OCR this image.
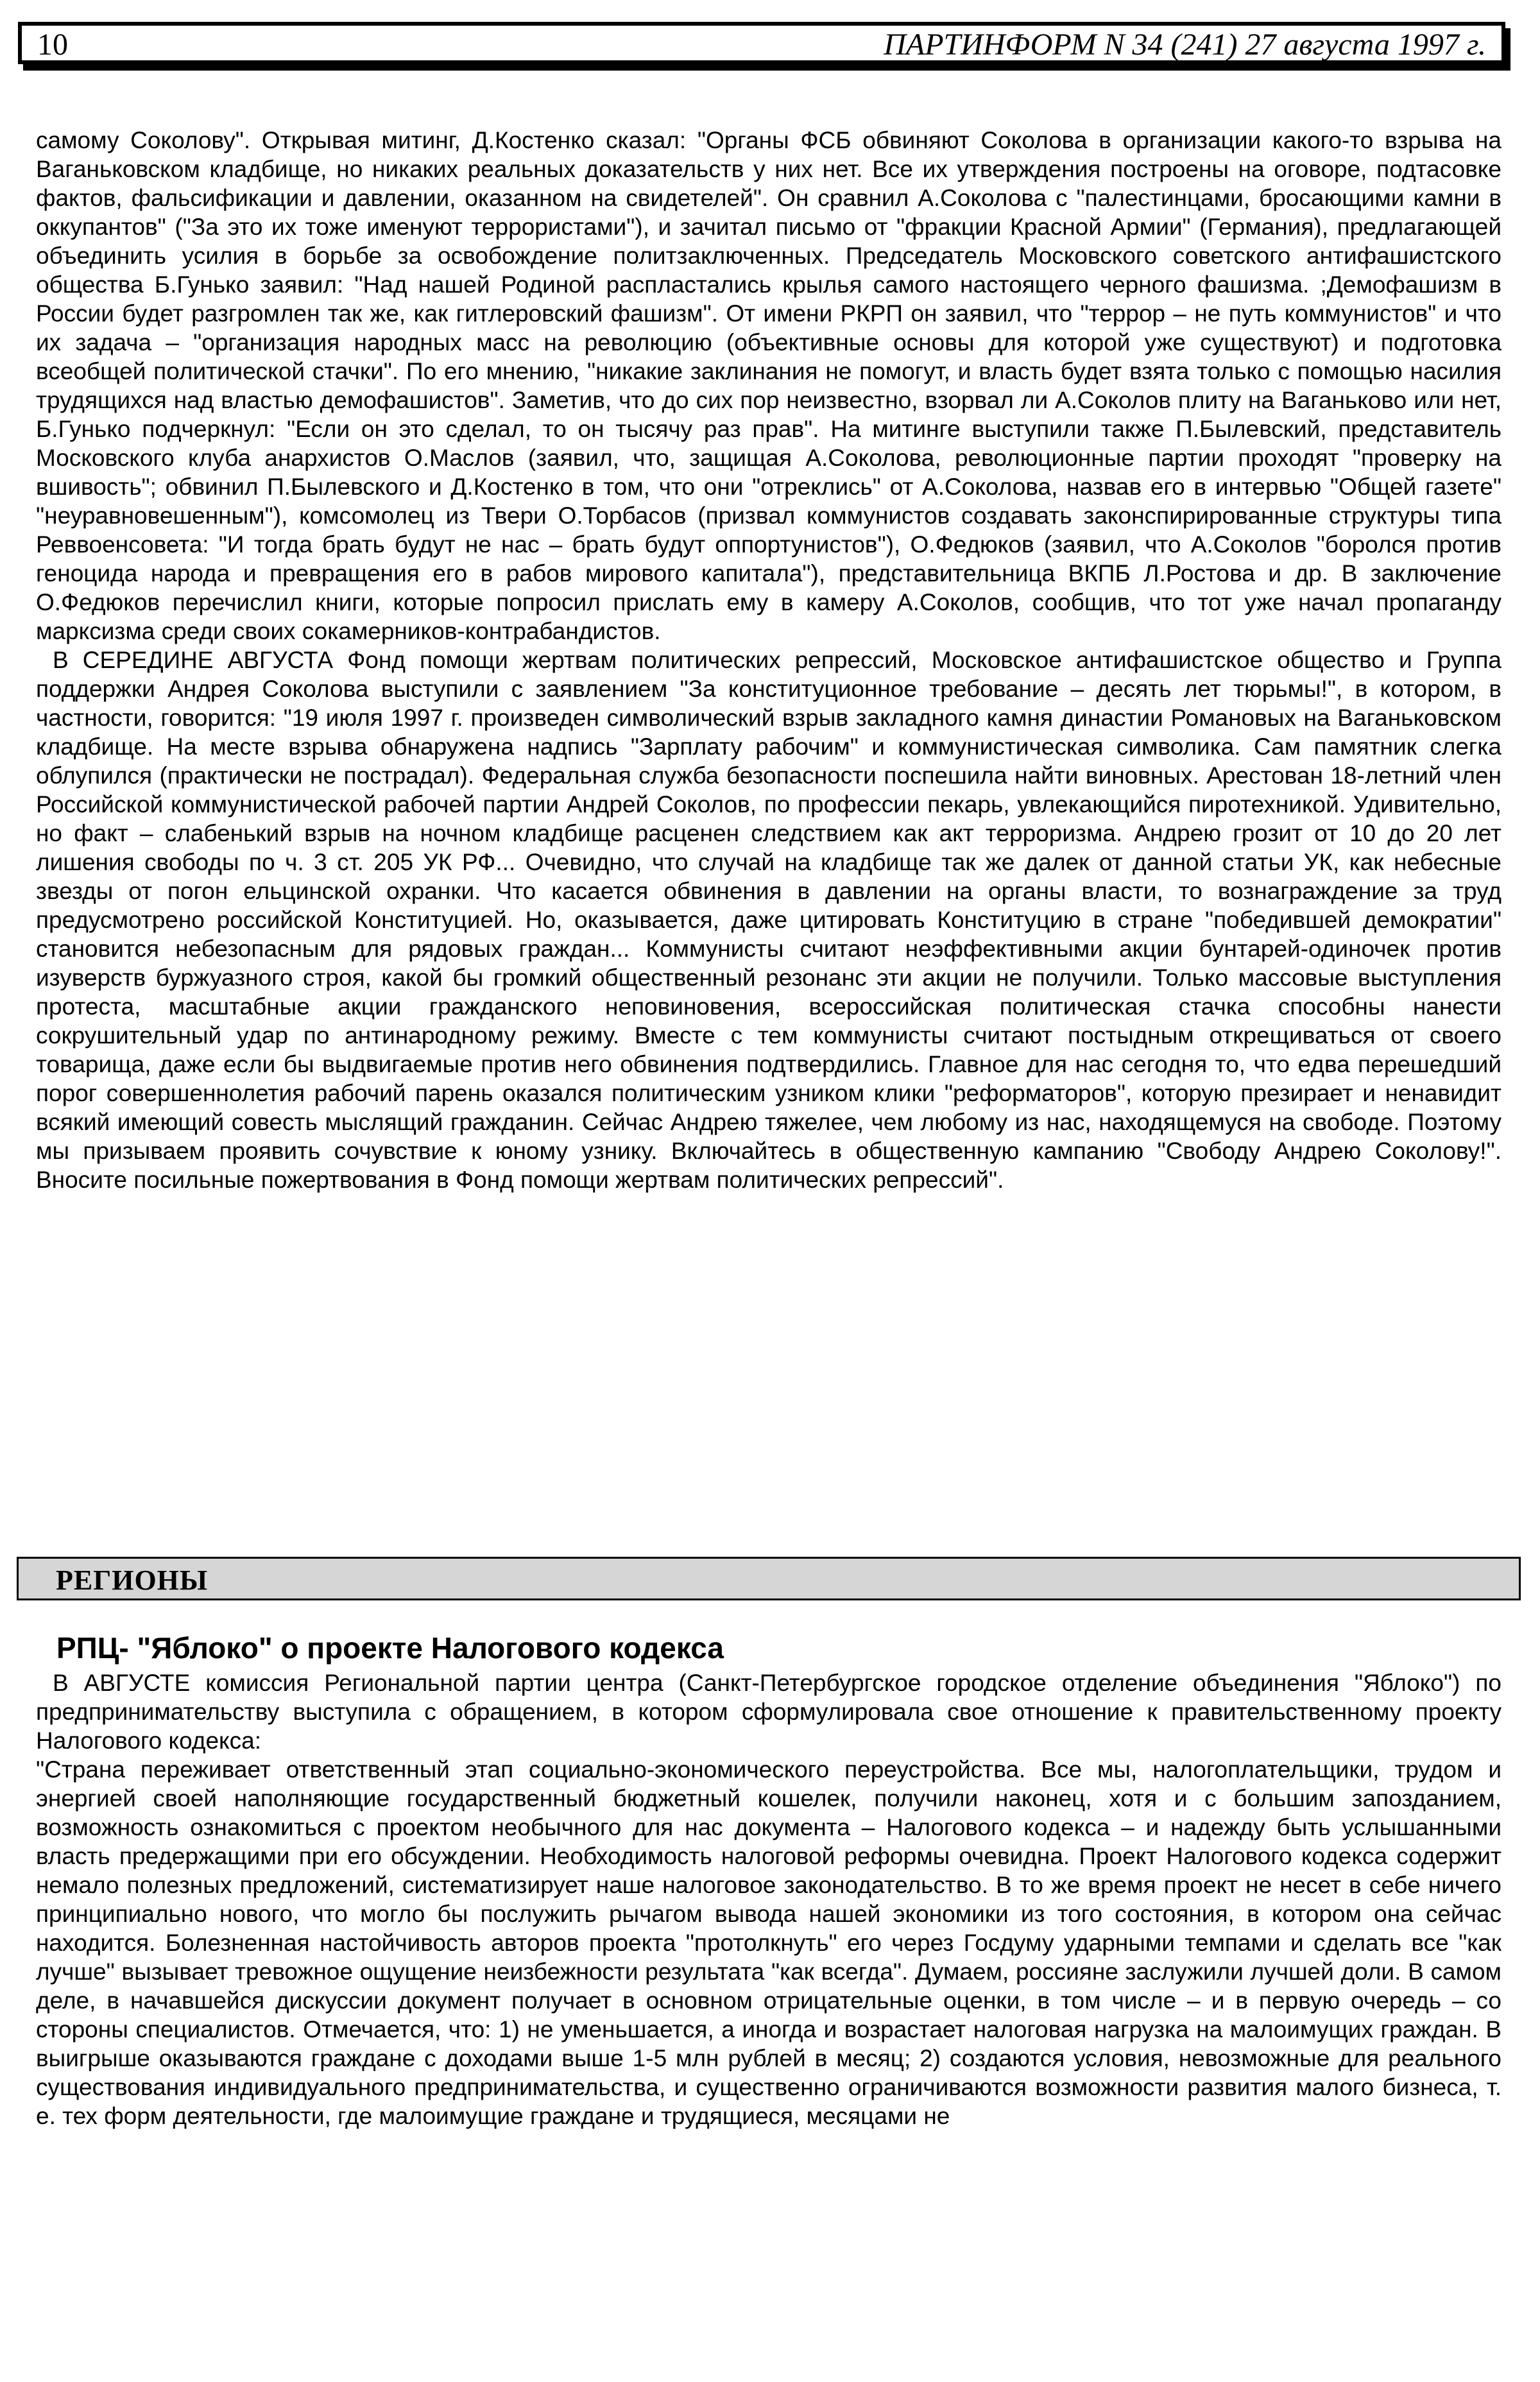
10	ПАРТИНФОРМ N 34 (241) 27 августа 1997 г.

самому Соколову". Открывая митинг, Д.Костенко сказал: "Органы ФСБ обвиняют Соколова в организации какого-то взрыва на Ваганьковском кладбище, но никаких реальных доказательств у них нет. Все их утверждения построены на оговоре, подтасовке фактов, фальсификации и давлении, оказанном на свидетелей". Он сравнил А.Соколова с "палестинцами, бросающими камни в оккупантов" ("За это их тоже именуют террористами"), и зачитал письмо от "фракции Красной Армии" (Германия), предлагающей объединить усилия в борьбе за освобождение политзаключенных. Председатель Московского советского антифашистского общества Б.Гунько заявил: "Над нашей Родиной распластались крылья самого настоящего черного фашизма. ;Демофашизм в России будет разгромлен так же, как гитлеровский фашизм". От имени РКРП он заявил, что "террор – не путь коммунистов" и что их задача – "организация народных масс на революцию (объективные основы для которой уже существуют) и подготовка всеобщей политической стачки". По его мнению, "никакие заклинания не помогут, и власть будет взята только с помощью насилия трудящихся над властью демофашистов". Заметив, что до сих пор неизвестно, взорвал ли А.Соколов плиту на Ваганьково или нет, Б.Гунько подчеркнул: "Если он это сделал, то он тысячу раз прав". На митинге выступили также П.Былевский, представитель Московского клуба анархистов О.Маслов (заявил, что, защищая А.Соколова, революционные партии проходят "проверку на вшивость"; обвинил П.Былевского и Д.Костенко в том, что они "отреклись" от А.Соколова, назвав его в интервью "Общей газете" "неуравновешенным"), комсомолец из Твери О.Торбасов (призвал коммунистов создавать законспирированные структуры типа Реввоенсовета: "И тогда брать будут не нас – брать будут оппортунистов"), О.Федюков (заявил, что А.Соколов "боролся против геноцида народа и превращения его в рабов мирового капитала"), представительница ВКПБ Л.Ростова и др. В заключение О.Федюков перечислил книги, которые попросил прислать ему в камеру А.Соколов, сообщив, что тот уже начал пропаганду марксизма среди своих сокамерников-контрабандистов.

В СЕРЕДИНЕ АВГУСТА Фонд помощи жертвам политических репрессий, Московское антифашистское общество и Группа поддержки Андрея Соколова выступили с заявлением "За конституционное требование – десять лет тюрьмы!", в котором, в частности, говорится: "19 июля 1997 г. произведен символический взрыв закладного камня династии Романовых на Ваганьковском кладбище. На месте взрыва обнаружена надпись "Зарплату рабочим" и коммунистическая символика. Сам памятник слегка облупился (практически не пострадал). Федеральная служба безопасности поспешила найти виновных. Арестован 18-летний член Российской коммунистической рабочей партии Андрей Соколов, по профессии пекарь, увлекающийся пиротехникой. Удивительно, но факт – слабенький взрыв на ночном кладбище расценен следствием как акт терроризма. Андрею грозит от 10 до 20 лет лишения свободы по ч. 3 ст. 205 УК РФ... Очевидно, что случай на кладбище так же далек от данной статьи УК, как небесные звезды от погон ельцинской охранки. Что касается обвинения в давлении на органы власти, то вознаграждение за труд предусмотрено российской Конституцией. Но, оказывается, даже цитировать Конституцию в стране "победившей демократии" становится небезопасным для рядовых граждан... Коммунисты считают неэффективными акции бунтарей-одиночек против изуверств буржуазного строя, какой бы громкий общественный резонанс эти акции не получили. Только массовые выступления протеста, масштабные акции гражданского неповиновения, всероссийская политическая стачка способны нанести сокрушительный удар по антинародному режиму. Вместе с тем коммунисты считают постыдным открещиваться от своего товарища, даже если бы выдвигаемые против него обвинения подтвердились. Главное для нас сегодня то, что едва перешедший порог совершеннолетия рабочий парень оказался политическим узником клики "реформаторов", которую презирает и ненавидит всякий имеющий совесть мыслящий гражданин. Сейчас Андрею тяжелее, чем любому из нас, находящемуся на свободе. Поэтому мы призываем проявить сочувствие к юному узнику. Включайтесь в общественную кампанию "Свободу Андрею Соколову!". Вносите посильные пожертвования в Фонд помощи жертвам политических репрессий".

РЕГИОНЫ
РПЦ- "Яблоко" о проекте Налогового кодекса

В АВГУСТЕ комиссия Региональной партии центра (Санкт-Петербургское городское отделение объединения "Яблоко") по предпринимательству выступила с обращением, в котором сформулировала свое отношение к правительственному проекту Налогового кодекса:

"Страна переживает ответственный этап социально-экономического переустройства. Все мы, налогоплательщики, трудом и энергией своей наполняющие государственный бюджетный кошелек, получили наконец, хотя и с большим запозданием, возможность ознакомиться с проектом необычного для нас документа – Налогового кодекса – и надежду быть услышанными власть предержащими при его обсуждении. Необходимость налоговой реформы очевидна. Проект Налогового кодекса содержит немало полезных предложений, систематизирует наше налоговое законодательство. В то же время проект не несет в себе ничего принципиально нового, что могло бы послужить рычагом вывода нашей экономики из того состояния, в котором она сейчас находится. Болезненная настойчивость авторов проекта "протолкнуть" его через Госдуму ударными темпами и сделать все "как лучше" вызывает тревожное ощущение неизбежности результата "как всегда". Думаем, россияне заслужили лучшей доли. В самом деле, в начавшейся дискуссии документ получает в основном отрицательные оценки, в том числе – и в первую очередь – со стороны специалистов. Отмечается, что: 1) не уменьшается, а иногда и возрастает налоговая нагрузка на малоимущих граждан. В выигрыше оказываются граждане с доходами выше 1-5 млн рублей в месяц; 2) создаются условия, невозможные для реального существования индивидуального предпринимательства, и существенно ограничиваются возможности развития малого бизнеса, т. е. тех форм деятельности, где малоимущие граждане и трудящиеся, месяцами не
